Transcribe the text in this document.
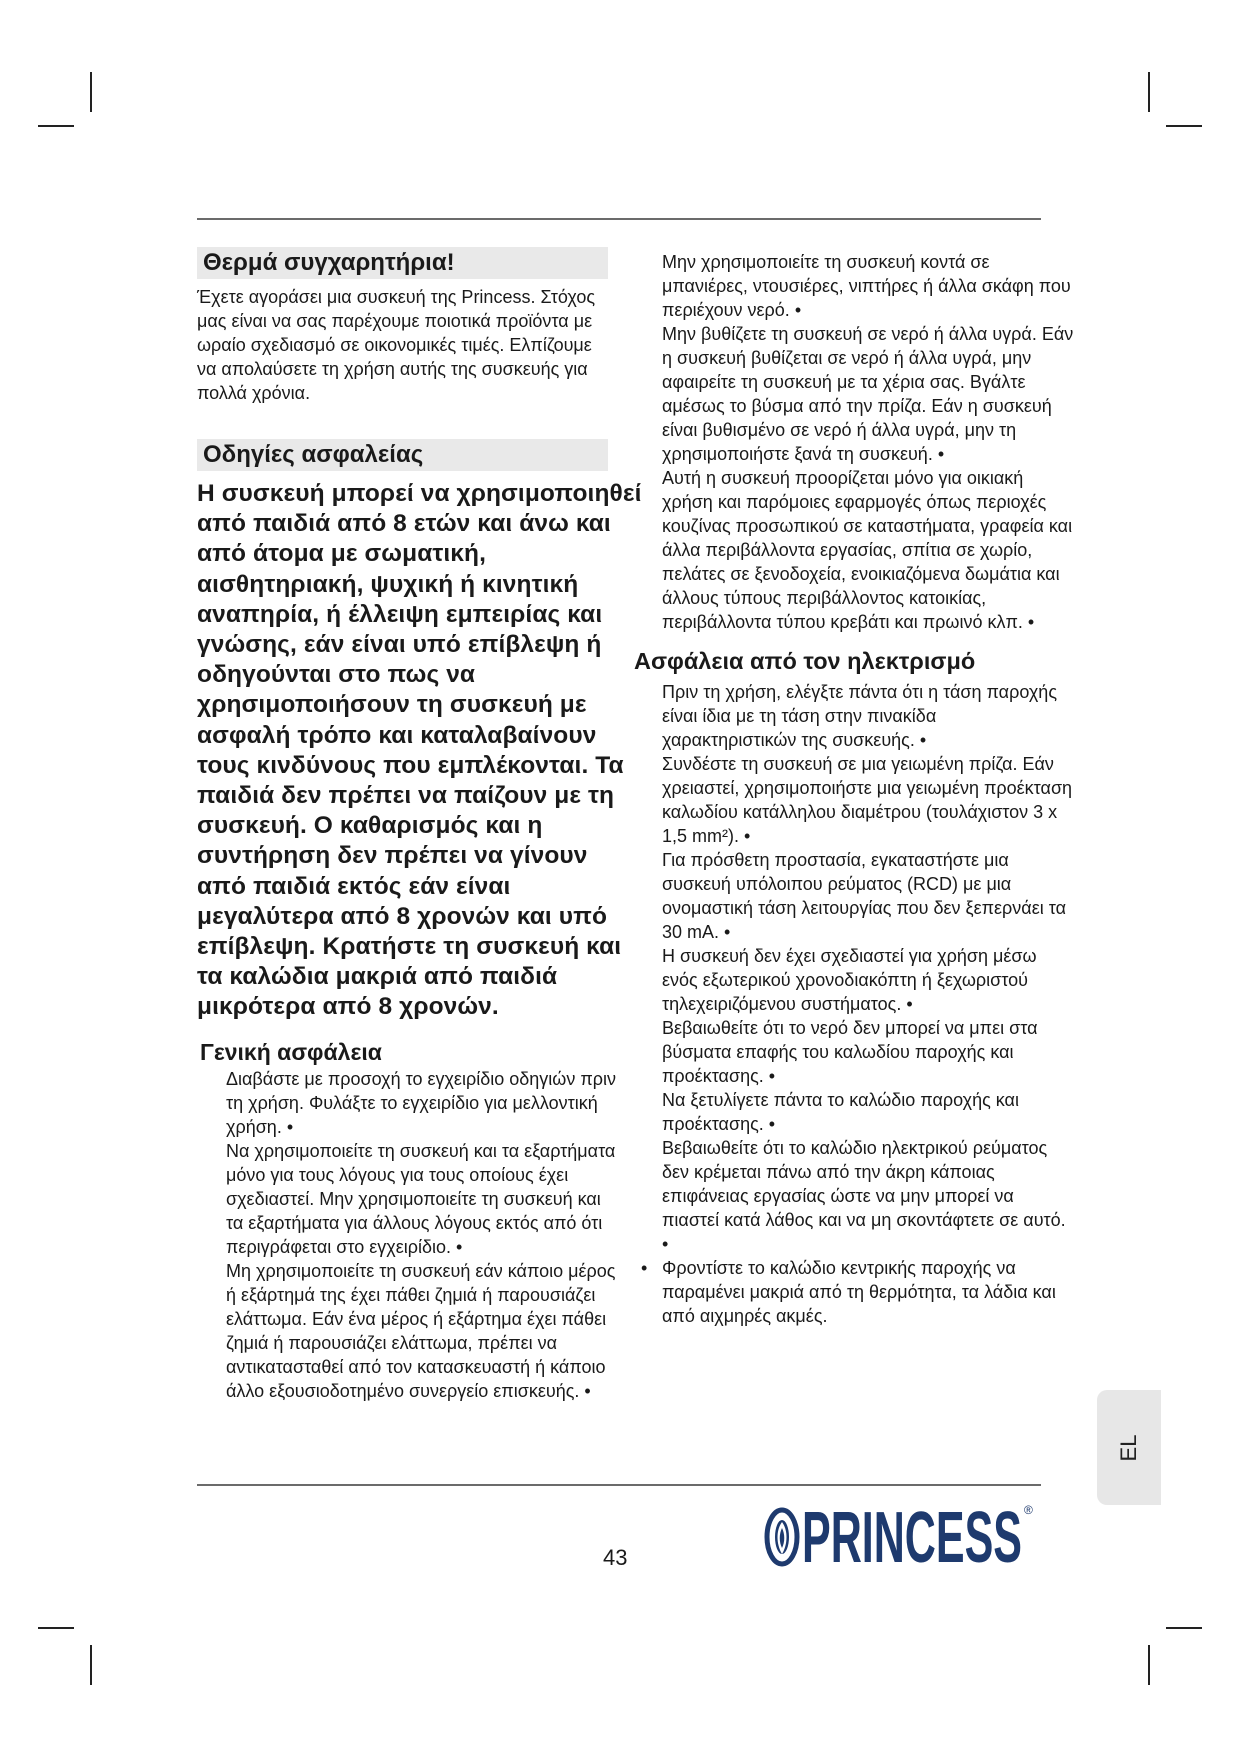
Θερμά συγχαρητήρια!

Έχετε αγοράσει μια συσκευή της Princess. Στόχος μας είναι να σας παρέχουμε ποιοτικά προϊόντα με ωραίο σχεδιασμό σε οικονομικές τιμές. Ελπίζουμε να απολαύσετε τη χρήση αυτής της συσκευής για πολλά χρόνια.

Οδηγίες ασφαλείας

Η συσκευή μπορεί να χρησιμοποιηθεί από παιδιά από 8 ετών και άνω και από άτομα με σωματική, αισθητηριακή, ψυχική ή κινητική αναπηρία, ή έλλειψη εμπειρίας και γνώσης, εάν είναι υπό επίβλεψη ή οδηγούνται στο πως να χρησιμοποιήσουν τη συσκευή με ασφαλή τρόπο και καταλαβαίνουν τους κινδύνους που εμπλέκονται. Τα παιδιά δεν πρέπει να παίζουν με τη συσκευή. Ο καθαρισμός και η συντήρηση δεν πρέπει να γίνουν από παιδιά εκτός εάν είναι μεγαλύτερα από 8 χρονών και υπό επίβλεψη. Κρατήστε τη συσκευή και τα καλώδια μακριά από παιδιά μικρότερα από 8 χρονών.

Γενική ασφάλεια
Διαβάστε με προσοχή το εγχειρίδιο οδηγιών πριν τη χρήση. Φυλάξτε το εγχειρίδιο για μελλοντική χρήση. •
Να χρησιμοποιείτε τη συσκευή και τα εξαρτήματα μόνο για τους λόγους για τους οποίους έχει σχεδιαστεί. Μην χρησιμοποιείτε τη συσκευή και τα εξαρτήματα για άλλους λόγους εκτός από ότι περιγράφεται στο εγχειρίδιο. •
Μη χρησιμοποιείτε τη συσκευή εάν κάποιο μέρος ή εξάρτημά της έχει πάθει ζημιά ή παρουσιάζει ελάττωμα. Εάν ένα μέρος ή εξάρτημα έχει πάθει ζημιά ή παρουσιάζει ελάττωμα, πρέπει να αντικατασταθεί από τον κατασκευαστή ή κάποιο άλλο εξουσιοδοτημένο συνεργείο επισκευής. •
Μην χρησιμοποιείτε τη συσκευή κοντά σε μπανιέρες, ντουσιέρες, νιπτήρες ή άλλα σκάφη που περιέχουν νερό. •
Μην βυθίζετε τη συσκευή σε νερό ή άλλα υγρά. Εάν η συσκευή βυθίζεται σε νερό ή άλλα υγρά, μην αφαιρείτε τη συσκευή με τα χέρια σας. Βγάλτε αμέσως το βύσμα από την πρίζα. Εάν η συσκευή είναι βυθισμένο σε νερό ή άλλα υγρά, μην τη χρησιμοποιήστε ξανά τη συσκευή. •
Αυτή η συσκευή προορίζεται μόνο για οικιακή χρήση και παρόμοιες εφαρμογές όπως περιοχές κουζίνας προσωπικού σε καταστήματα, γραφεία και άλλα περιβάλλοντα εργασίας, σπίτια σε χωρίο, πελάτες σε ξενοδοχεία, ενοικιαζόμενα δωμάτια και άλλους τύπους περιβάλλοντος κατοικίας, περιβάλλοντα τύπου κρεβάτι και πρωινό κλπ. •
Ασφάλεια από τον ηλεκτρισμό
Πριν τη χρήση, ελέγξτε πάντα ότι η τάση παροχής είναι ίδια με τη τάση στην πινακίδα χαρακτηριστικών της συσκευής. •
Συνδέστε τη συσκευή σε μια γειωμένη πρίζα. Εάν χρειαστεί, χρησιμοποιήστε μια γειωμένη προέκταση καλωδίου κατάλληλου διαμέτρου (τουλάχιστον 3 x 1,5 mm²). •
Για πρόσθετη προστασία, εγκαταστήστε μια συσκευή υπόλοιπου ρεύματος (RCD) με μια ονομαστική τάση λειτουργίας που δεν ξεπερνάει τα 30 mA. •
Η συσκευή δεν έχει σχεδιαστεί για χρήση μέσω ενός εξωτερικού χρονοδιακόπτη ή ξεχωριστού τηλεχειριζόμενου συστήματος. •
Βεβαιωθείτε ότι το νερό δεν μπορεί να μπει στα βύσματα επαφής του καλωδίου παροχής και προέκτασης. •
Να ξετυλίγετε πάντα το καλώδιο παροχής και προέκτασης. •
Βεβαιωθείτε ότι το καλώδιο ηλεκτρικού ρεύματος δεν κρέμεται πάνω από την άκρη κάποιας επιφάνειας εργασίας ώστε να μην μπορεί να πιαστεί κατά λάθος και να μη σκοντάφτετε σε αυτό. •
• Φροντίστε το καλώδιο κεντρικής παροχής να παραμένει μακριά από τη θερμότητα, τα λάδια και από αιχμηρές ακμές.
EL
43 PRINCESS ®
